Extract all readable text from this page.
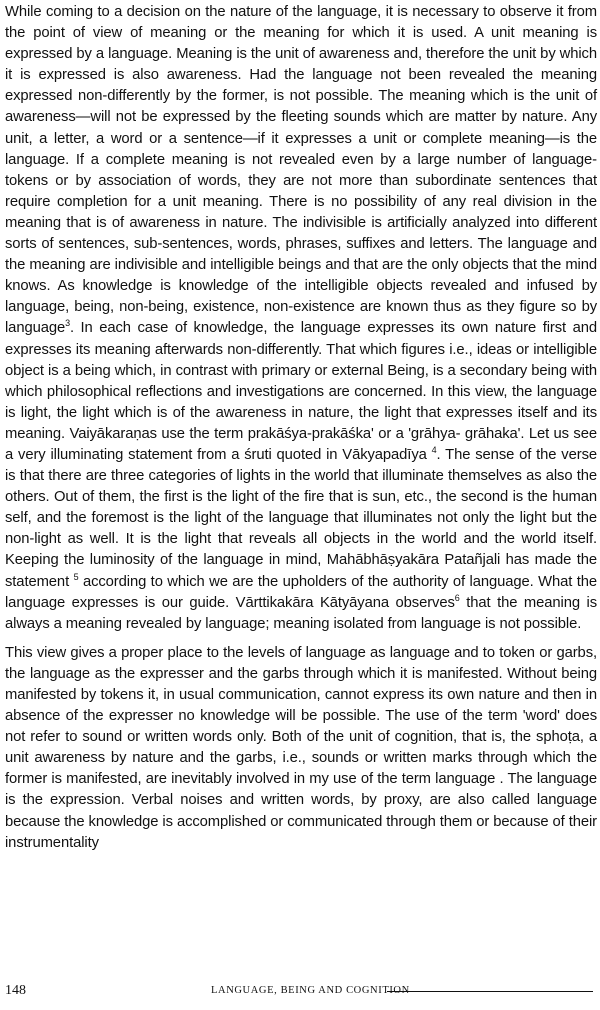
While coming to a decision on the nature of the language, it is necessary to observe it from the point of view of meaning or the meaning for which it is used. A unit meaning is expressed by a language. Meaning is the unit of awareness and, therefore the unit by which it is expressed is also awareness. Had the language not been revealed the meaning expressed non-differently by the former, is not possible. The meaning which is the unit of awareness—will not be expressed by the fleeting sounds which are matter by nature. Any unit, a letter, a word or a sentence—if it expresses a unit or complete meaning—is the language. If a complete meaning is not revealed even by a large number of language-tokens or by association of words, they are not more than subordinate sentences that require completion for a unit meaning. There is no possibility of any real division in the meaning that is of awareness in nature. The indivisible is artificially analyzed into different sorts of sentences, sub-sentences, words, phrases, suffixes and letters. The language and the meaning are indivisible and intelligible beings and that are the only objects that the mind knows. As knowledge is knowledge of the intelligible objects revealed and infused by language, being, non-being, existence, non-existence are known thus as they figure so by language$^3$. In each case of knowledge, the language expresses its own nature first and expresses its meaning afterwards non-differently. That which figures i.e., ideas or intelligible object is a being which, in contrast with primary or external Being, is a secondary being with which philosophical reflections and investigations are concerned. In this view, the language is light, the light which is of the awareness in nature, the light that expresses itself and its meaning. Vaiyākaraṇas use the term prakāśya-prakāśka' or a 'grāhya- grāhaka'. Let us see a very illuminating statement from a śruti quoted in Vākyapadīya $^4$. The sense of the verse is that there are three categories of lights in the world that illuminate themselves as also the others. Out of them, the first is the light of the fire that is sun, etc., the second is the human self, and the foremost is the light of the language that illuminates not only the light but the non-light as well. It is the light that reveals all objects in the world and the world itself. Keeping the luminosity of the language in mind, Mahābhāṣyakāra Patañjali has made the statement $^5$ according to which we are the upholders of the authority of language. What the language expresses is our guide. Vārttikakāra Kātyāyana observes$^6$ that the meaning is always a meaning revealed by language; meaning isolated from language is not possible.

This view gives a proper place to the levels of language as language and to token or garbs, the language as the expresser and the garbs through which it is manifested. Without being manifested by tokens it, in usual communication, cannot express its own nature and then in absence of the expresser no knowledge will be possible. The use of the term 'word' does not refer to sound or written words only. Both of the unit of cognition, that is, the sphoṭa, a unit awareness by nature and the garbs, i.e., sounds or written marks through which the former is manifested, are inevitably involved in my use of the term language . The language is the expression. Verbal noises and written words, by proxy, are also called language because the knowledge is accomplished or communicated through them or because of their instrumentality

148	LANGUAGE, BEING AND COGNITION
